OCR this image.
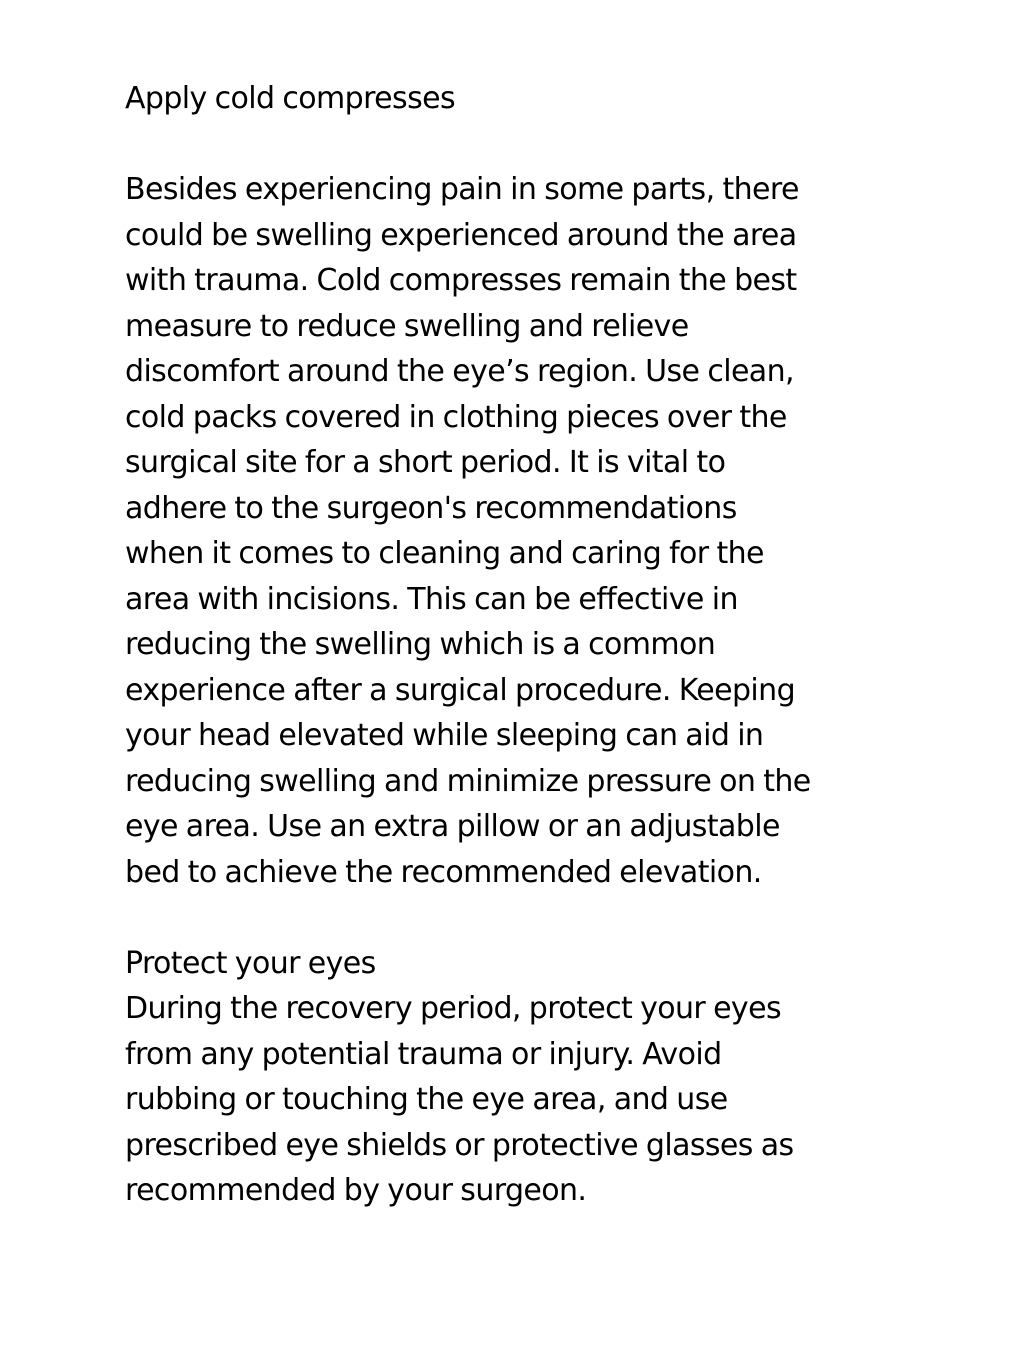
Apply cold compresses
Besides experiencing pain in some parts, there
could be swelling experienced around the area
with trauma. Cold compresses remain the best
measure to reduce swelling and relieve
discomfort around the eye’s region. Use clean,
cold packs covered in clothing pieces over the
surgical site for a short period. It is vital to
adhere to the surgeon's recommendations
when it comes to cleaning and caring for the
area with incisions. This can be effective in
reducing the swelling which is a common
experience after a surgical procedure. Keeping
your head elevated while sleeping can aid in
reducing swelling and minimize pressure on the
eye area. Use an extra pillow or an adjustable
bed to achieve the recommended elevation.
Protect your eyes
During the recovery period, protect your eyes
from any potential trauma or injury. Avoid
rubbing or touching the eye area, and use
prescribed eye shields or protective glasses as
recommended by your surgeon.
